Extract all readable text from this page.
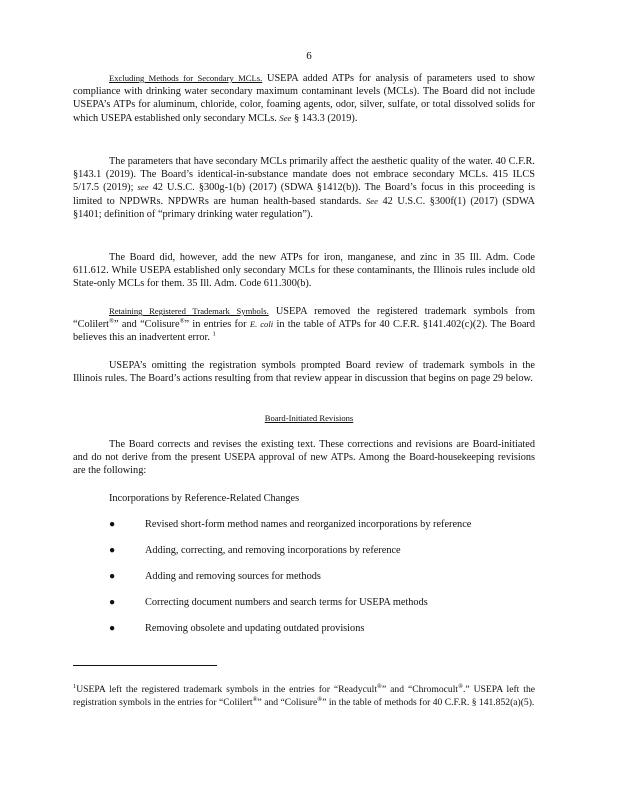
6
Excluding Methods for Secondary MCLs. USEPA added ATPs for analysis of parameters used to show compliance with drinking water secondary maximum contaminant levels (MCLs). The Board did not include USEPA’s ATPs for aluminum, chloride, color, foaming agents, odor, silver, sulfate, or total dissolved solids for which USEPA established only secondary MCLs. See § 143.3 (2019).
The parameters that have secondary MCLs primarily affect the aesthetic quality of the water. 40 C.F.R. §143.1 (2019). The Board’s identical-in-substance mandate does not embrace secondary MCLs. 415 ILCS 5/17.5 (2019); see 42 U.S.C. §300g-1(b) (2017) (SDWA §1412(b)). The Board’s focus in this proceeding is limited to NPDWRs. NPDWRs are human health-based standards. See 42 U.S.C. §300f(1) (2017) (SDWA §1401; definition of “primary drinking water regulation”).
The Board did, however, add the new ATPs for iron, manganese, and zinc in 35 Ill. Adm. Code 611.612. While USEPA established only secondary MCLs for these contaminants, the Illinois rules include old State-only MCLs for them. 35 Ill. Adm. Code 611.300(b).
Retaining Registered Trademark Symbols. USEPA removed the registered trademark symbols from “Colilert®” and “Colisure®” in entries for E. coli in the table of ATPs for 40 C.F.R. §141.402(c)(2). The Board believes this an inadvertent error. $^1$
USEPA’s omitting the registration symbols prompted Board review of trademark symbols in the Illinois rules. The Board’s actions resulting from that review appear in discussion that begins on page 29 below.
Board-Initiated Revisions
The Board corrects and revises the existing text. These corrections and revisions are Board-initiated and do not derive from the present USEPA approval of new ATPs. Among the Board-housekeeping revisions are the following:
Incorporations by Reference-Related Changes
●	Revised short-form method names and reorganized incorporations by reference
●	Adding, correcting, and removing incorporations by reference
●	Adding and removing sources for methods
●	Correcting document numbers and search terms for USEPA methods
●	Removing obsolete and updating outdated provisions
$^1$USEPA left the registered trademark symbols in the entries for “Readycult®” and “Chromocult®.” USEPA left the registration symbols in the entries for “Colilert®” and “Colisure®” in the table of methods for 40 C.F.R. § 141.852(a)(5).
